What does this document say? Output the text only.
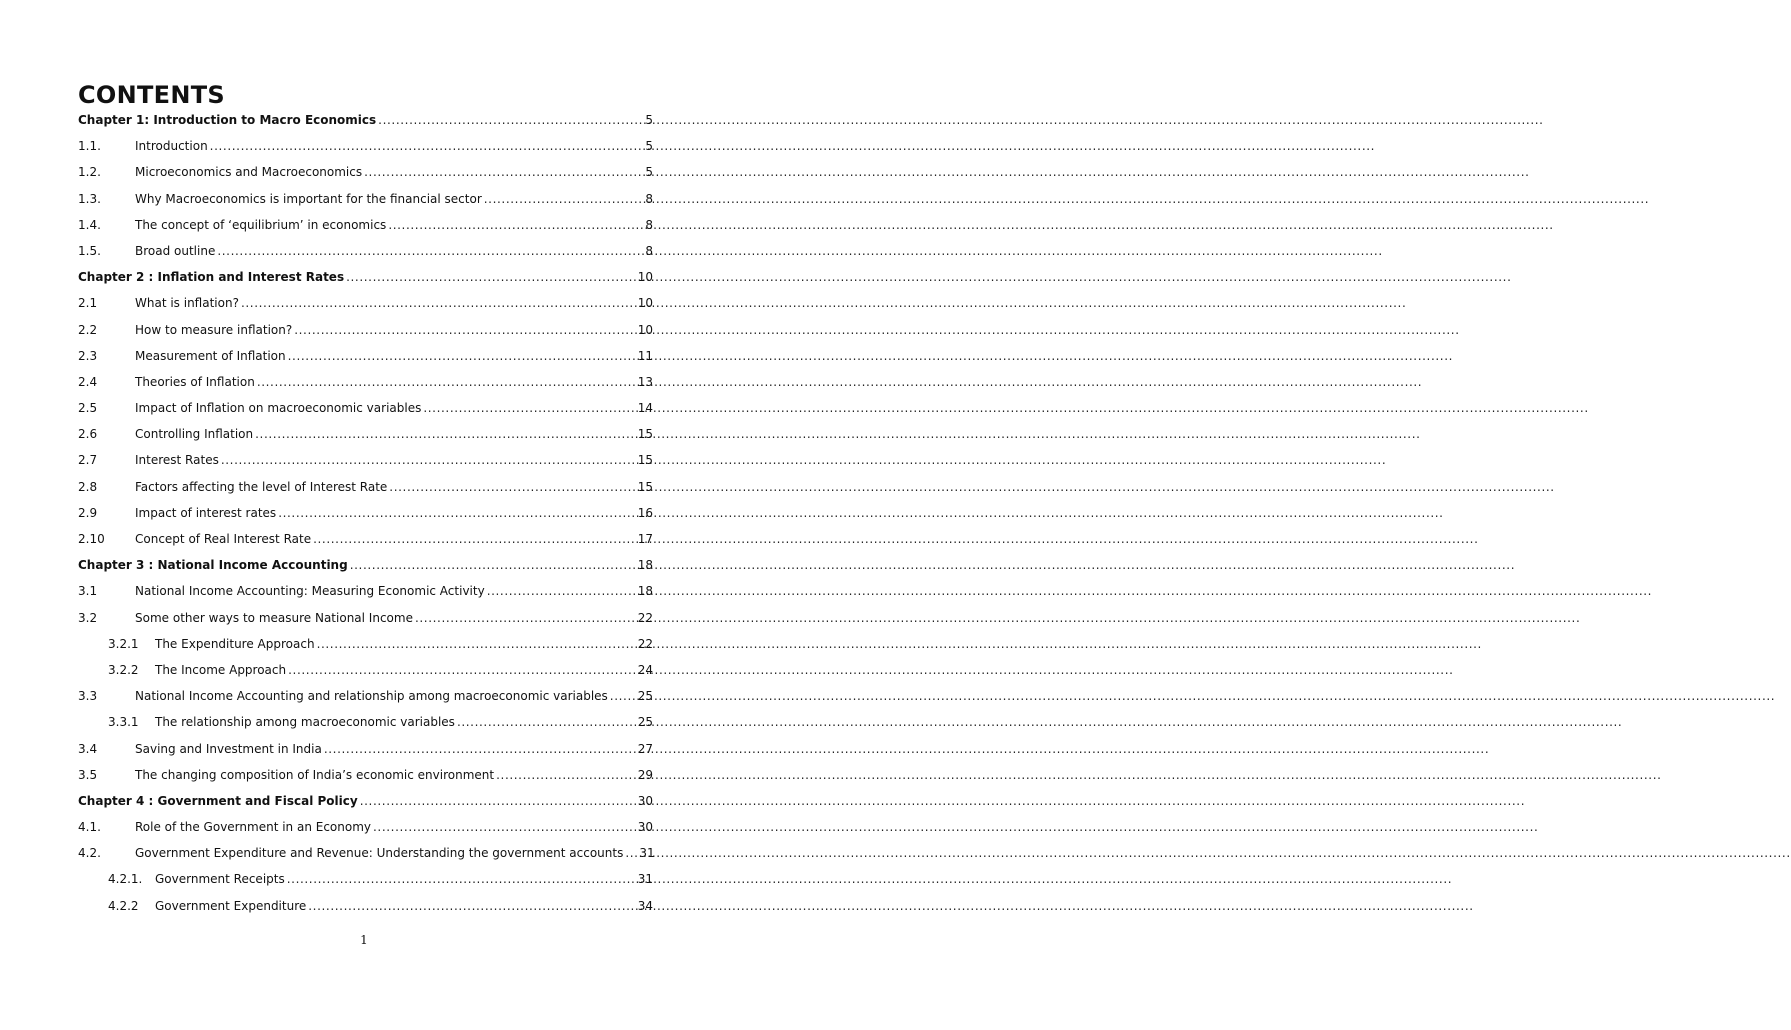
CONTENTS
Chapter 1: Introduction to Macro Economics .....	5
1.1.	Introduction .....	5
1.2.	Microeconomics and Macroeconomics .....	5
1.3.	Why Macroeconomics is important for the financial sector .....	8
1.4.	The concept of ‘equilibrium’ in economics .....	8
1.5.	Broad outline .....	8
Chapter 2 : Inflation and Interest Rates .....	10
2.1	What is inflation? .....	10
2.2	How to measure inflation? .....	10
2.3	Measurement of Inflation .....	11
2.4	Theories of Inflation .....	13
2.5	Impact of Inflation on macroeconomic variables .....	14
2.6	Controlling Inflation .....	15
2.7	Interest Rates .....	15
2.8	Factors affecting the level of Interest Rate .....	15
2.9	Impact of interest rates .....	16
2.10	Concept of Real Interest Rate .....	17
Chapter 3 : National Income Accounting .....	18
3.1	National Income Accounting: Measuring Economic Activity .....	18
3.2	Some other ways to measure National Income .....	22
3.2.1	The Expenditure Approach .....	22
3.2.2	The Income Approach .....	24
3.3	National Income Accounting and relationship among macroeconomic variables ..... 25
3.3.1	The relationship among macroeconomic variables .....	25
3.4	Saving and Investment in India .....	27
3.5	The changing composition of India’s economic environment .....	29
Chapter 4 : Government and Fiscal Policy .....	30
4.1.	Role of the Government in an Economy .....	30
4.2.	Government Expenditure and Revenue: Understanding the government accounts ..... 31
4.2.1.	Government Receipts .....	31
4.2.2	Government Expenditure .....	34
1
